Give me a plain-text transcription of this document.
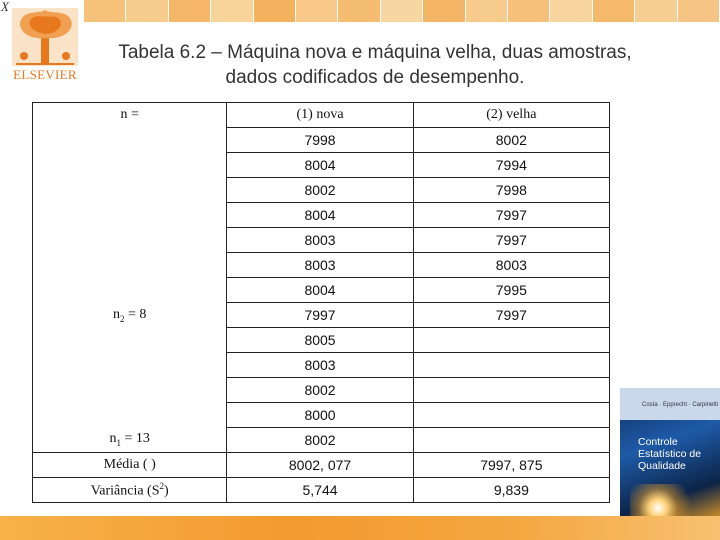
$\overline{X}$
ELSEVIER
Tabela 6.2 – Máquina nova e máquina velha, duas amostras, dados codificados de desempenho.
n =	(1) nova	(2) velha
	7998	8002
	8004	7994
	8002	7998
	8004	7997
	8003	7997
	8003	8003
	8004	7995
$n_2 = 8$	7997	7997
	8005	
	8003	
	8002	
	8000	
$n_1 = 13$	8002	
Média ( )	8002, 077	7997, 875
Variância $(S^2)$	5,744	9,839
Costa · Epprecht · Carpinetti
Controle Estatístico de Qualidade
